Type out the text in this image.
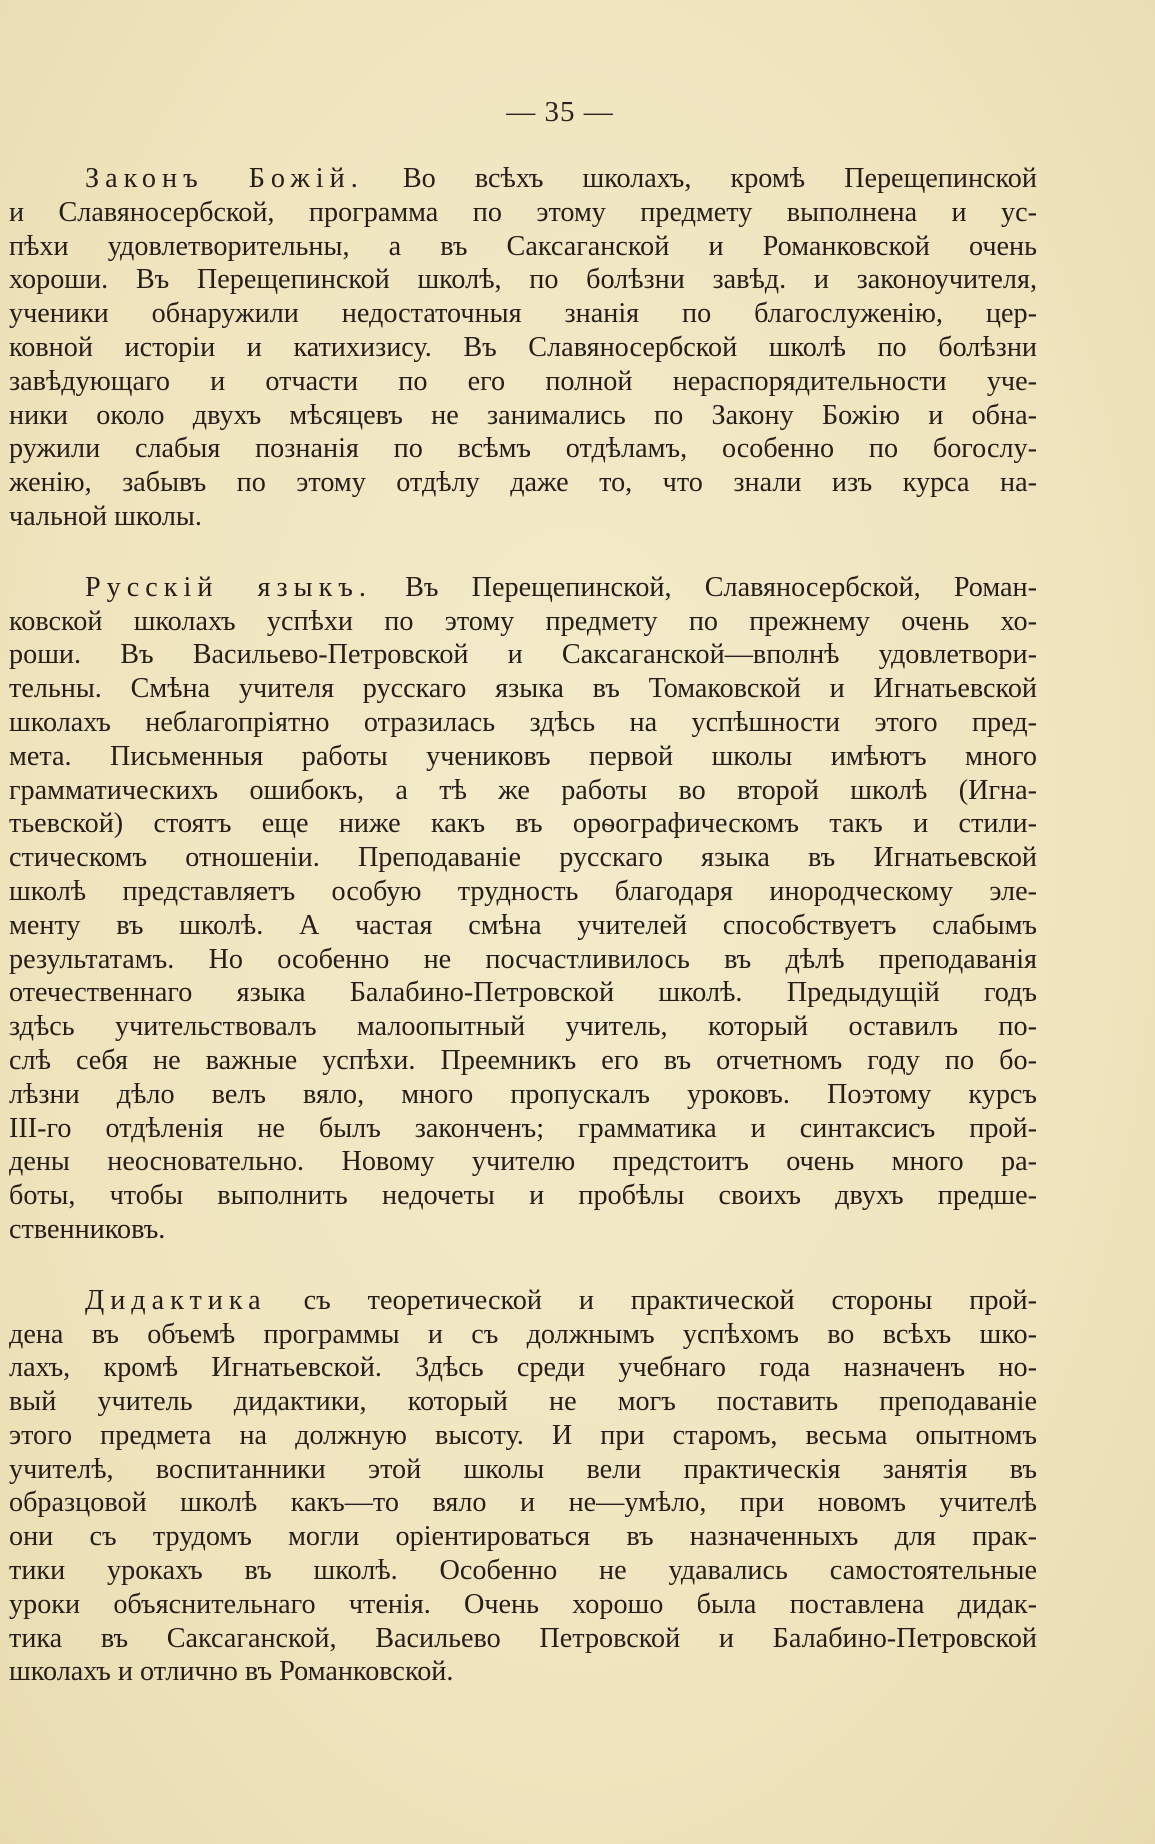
— 35 —
Законъ Божій. Во всѣхъ школахъ, кромѣ Перещепинской
и Славяносербской, программа по этому предмету выполнена и ус-
пѣхи удовлетворительны, а въ Саксаганской и Романковской очень
хороши. Въ Перещепинской школѣ, по болѣзни завѣд. и законоучителя,
ученики обнаружили недостаточныя знанія по благослуженію, цер-
ковной исторіи и катихизису. Въ Славяносербской школѣ по болѣзни
завѣдующаго и отчасти по его полной нераспорядительности уче-
ники около двухъ мѣсяцевъ не занимались по Закону Божію и обна-
ружили слабыя познанія по всѣмъ отдѣламъ, особенно по богослу-
женію, забывъ по этому отдѣлу даже то, что знали изъ курса на-
чальной школы.
Русскій языкъ. Въ Перещепинской, Славяносербской, Роман-
ковской школахъ успѣхи по этому предмету по прежнему очень хо-
роши. Въ Васильево-Петровской и Саксаганской—вполнѣ удовлетвори-
тельны. Смѣна учителя русскаго языка въ Томаковской и Игнатьевской
школахъ неблагопріятно отразилась здѣсь на успѣшности этого пред-
мета. Письменныя работы учениковъ первой школы имѣютъ много
грамматическихъ ошибокъ, а тѣ же работы во второй школѣ (Игна-
тьевской) стоятъ еще ниже какъ въ орѳографическомъ такъ и стили-
стическомъ отношеніи. Преподаваніе русскаго языка въ Игнатьевской
школѣ представляетъ особую трудность благодаря инородческому эле-
менту въ школѣ. А частая смѣна учителей способствуетъ слабымъ
результатамъ. Но особенно не посчастливилось въ дѣлѣ преподаванія
отечественнаго языка Балабино-Петровской школѣ. Предыдущій годъ
здѣсь учительствовалъ малоопытный учитель, который оставилъ по-
слѣ себя не важные успѣхи. Преемникъ его въ отчетномъ году по бо-
лѣзни дѣло велъ вяло, много пропускалъ уроковъ. Поэтому курсъ
III-го отдѣленія не былъ законченъ; грамматика и синтаксисъ прой-
дены неосновательно. Новому учителю предстоитъ очень много ра-
боты, чтобы выполнить недочеты и пробѣлы своихъ двухъ предше-
ственниковъ.
Дидактика съ теоретической и практической стороны прой-
дена въ объемѣ программы и съ должнымъ успѣхомъ во всѣхъ шко-
лахъ, кромѣ Игнатьевской. Здѣсь среди учебнаго года назначенъ но-
вый учитель дидактики, который не могъ поставить преподаваніе
этого предмета на должную высоту. И при старомъ, весьма опытномъ
учителѣ, воспитанники этой школы вели практическія занятія въ
образцовой школѣ какъ—то вяло и не—умѣло, при новомъ учителѣ
они съ трудомъ могли оріентироваться въ назначенныхъ для прак-
тики урокахъ въ школѣ. Особенно не удавались самостоятельные
уроки объяснительнаго чтенія. Очень хорошо была поставлена дидак-
тика въ Саксаганской, Васильево Петровской и Балабино-Петровской
школахъ и отлично въ Романковской.
